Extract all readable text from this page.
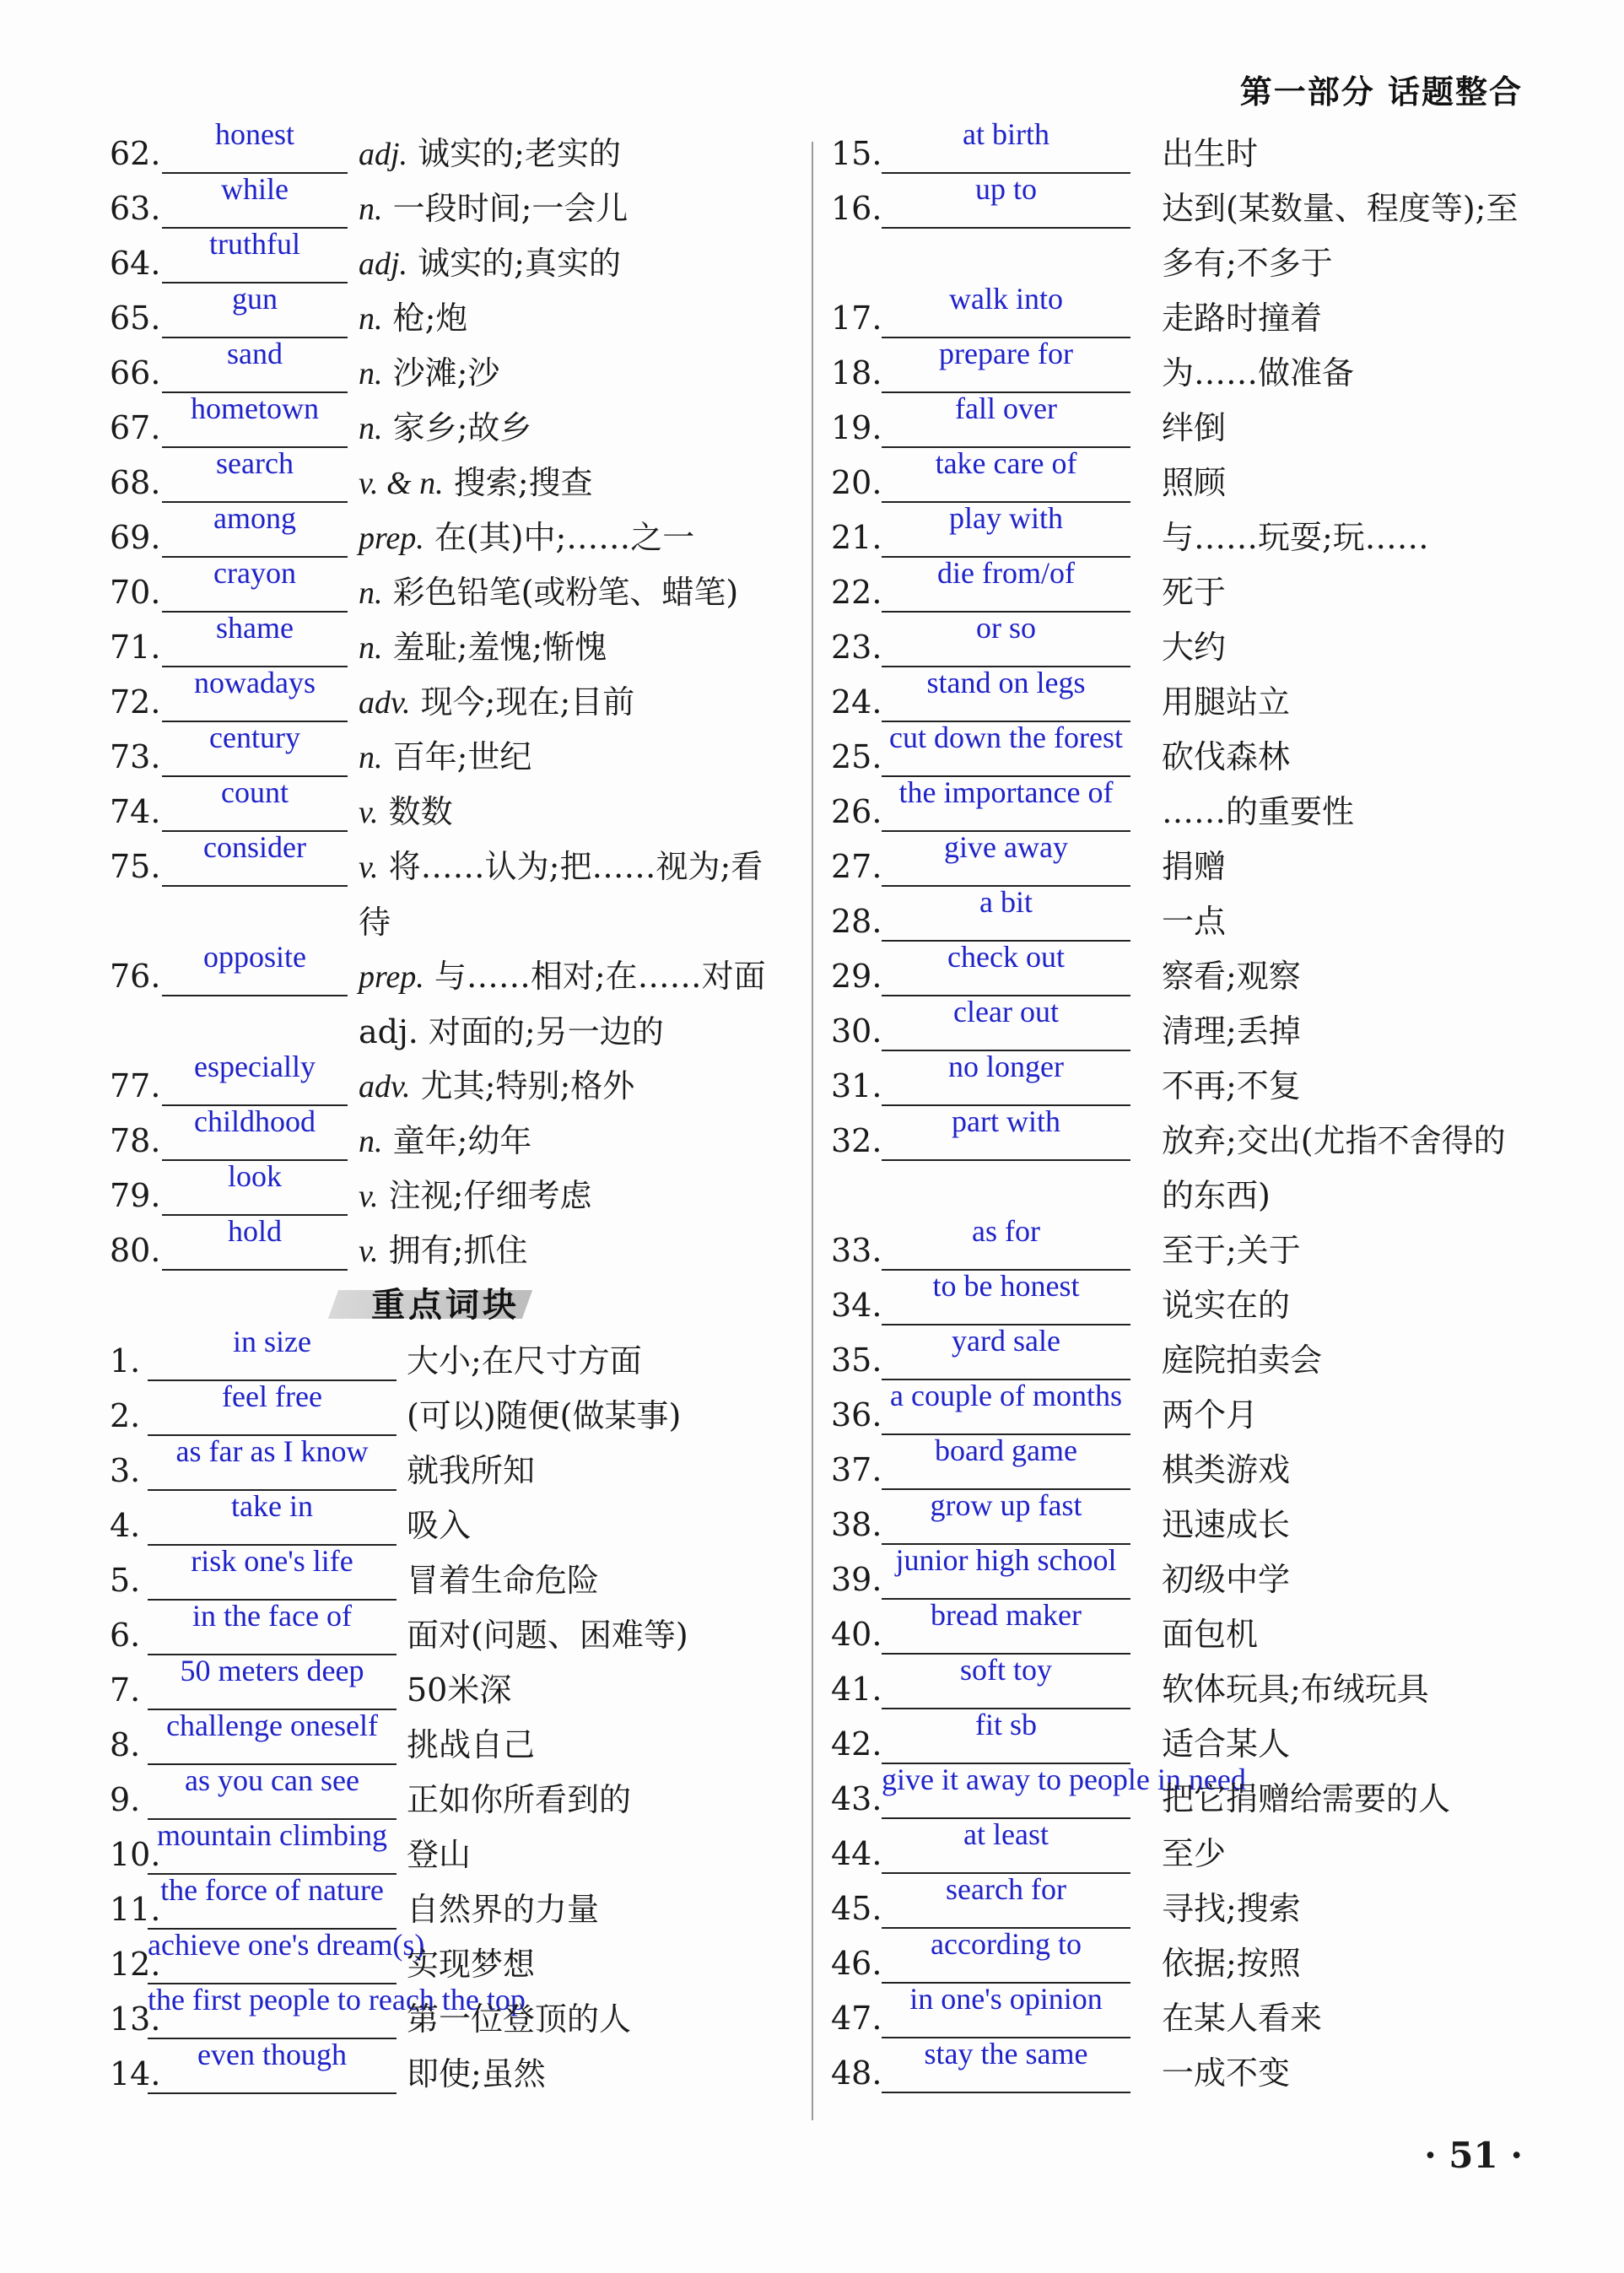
第一部分 话题整合
62.
honest
adj. 诚实的;老实的
63.
while
n. 一段时间;一会儿
64.
truthful
adj. 诚实的;真实的
65.
gun
n. 枪;炮
66.
sand
n. 沙滩;沙
67.
hometown
n. 家乡;故乡
68.
search
v. & n. 搜索;搜查
69.
among
prep. 在(其)中;……之一
70.
crayon
n. 彩色铅笔(或粉笔、蜡笔)
71.
shame
n. 羞耻;羞愧;惭愧
72.
nowadays
adv. 现今;现在;目前
73.
century
n. 百年;世纪
74.
count
v. 数数
75.
consider
v. 将……认为;把……视为;看待
76.
opposite
prep. 与……相对;在……对面 adj. 对面的;另一边的
77.
especially
adv. 尤其;特别;格外
78.
childhood
n. 童年;幼年
79.
look
v. 注视;仔细考虑
80.
hold
v. 拥有;抓住
重点词块
1.
in size
大小;在尺寸方面
2.
feel free
(可以)随便(做某事)
3.
as far as I know
就我所知
4.
take in
吸入
5.
risk one's life
冒着生命危险
6.
in the face of
面对(问题、困难等)
7.
50 meters deep
50米深
8.
challenge oneself
挑战自己
9.
as you can see
正如你所看到的
10.
mountain climbing
登山
11.
the force of nature
自然界的力量
12.
achieve one's dream(s)
实现梦想
13.
the first people to reach the top
第一位登顶的人
14.
even though
即使;虽然
15.
at birth
出生时
16.
up to
达到(某数量、程度等);至多有;不多于
17.
walk into
走路时撞着
18.
prepare for
为……做准备
19.
fall over
绊倒
20.
take care of
照顾
21.
play with
与……玩耍;玩……
22.
die from/of
死于
23.
or so
大约
24.
stand on legs
用腿站立
25.
cut down the forest
砍伐森林
26.
the importance of
……的重要性
27.
give away
捐赠
28.
a bit
一点
29.
check out
察看;观察
30.
clear out
清理;丢掉
31.
no longer
不再;不复
32.
part with
放弃;交出(尤指不舍得的的东西)
33.
as for
至于;关于
34.
to be honest
说实在的
35.
yard sale
庭院拍卖会
36.
a couple of months
两个月
37.
board game
棋类游戏
38.
grow up fast
迅速成长
39.
junior high school
初级中学
40.
bread maker
面包机
41.
soft toy
软体玩具;布绒玩具
42.
fit sb
适合某人
43.
give it away to people in need
把它捐赠给需要的人
44.
at least
至少
45.
search for
寻找;搜索
46.
according to
依据;按照
47.
in one's opinion
在某人看来
48.
stay the same
一成不变
· 51 ·
